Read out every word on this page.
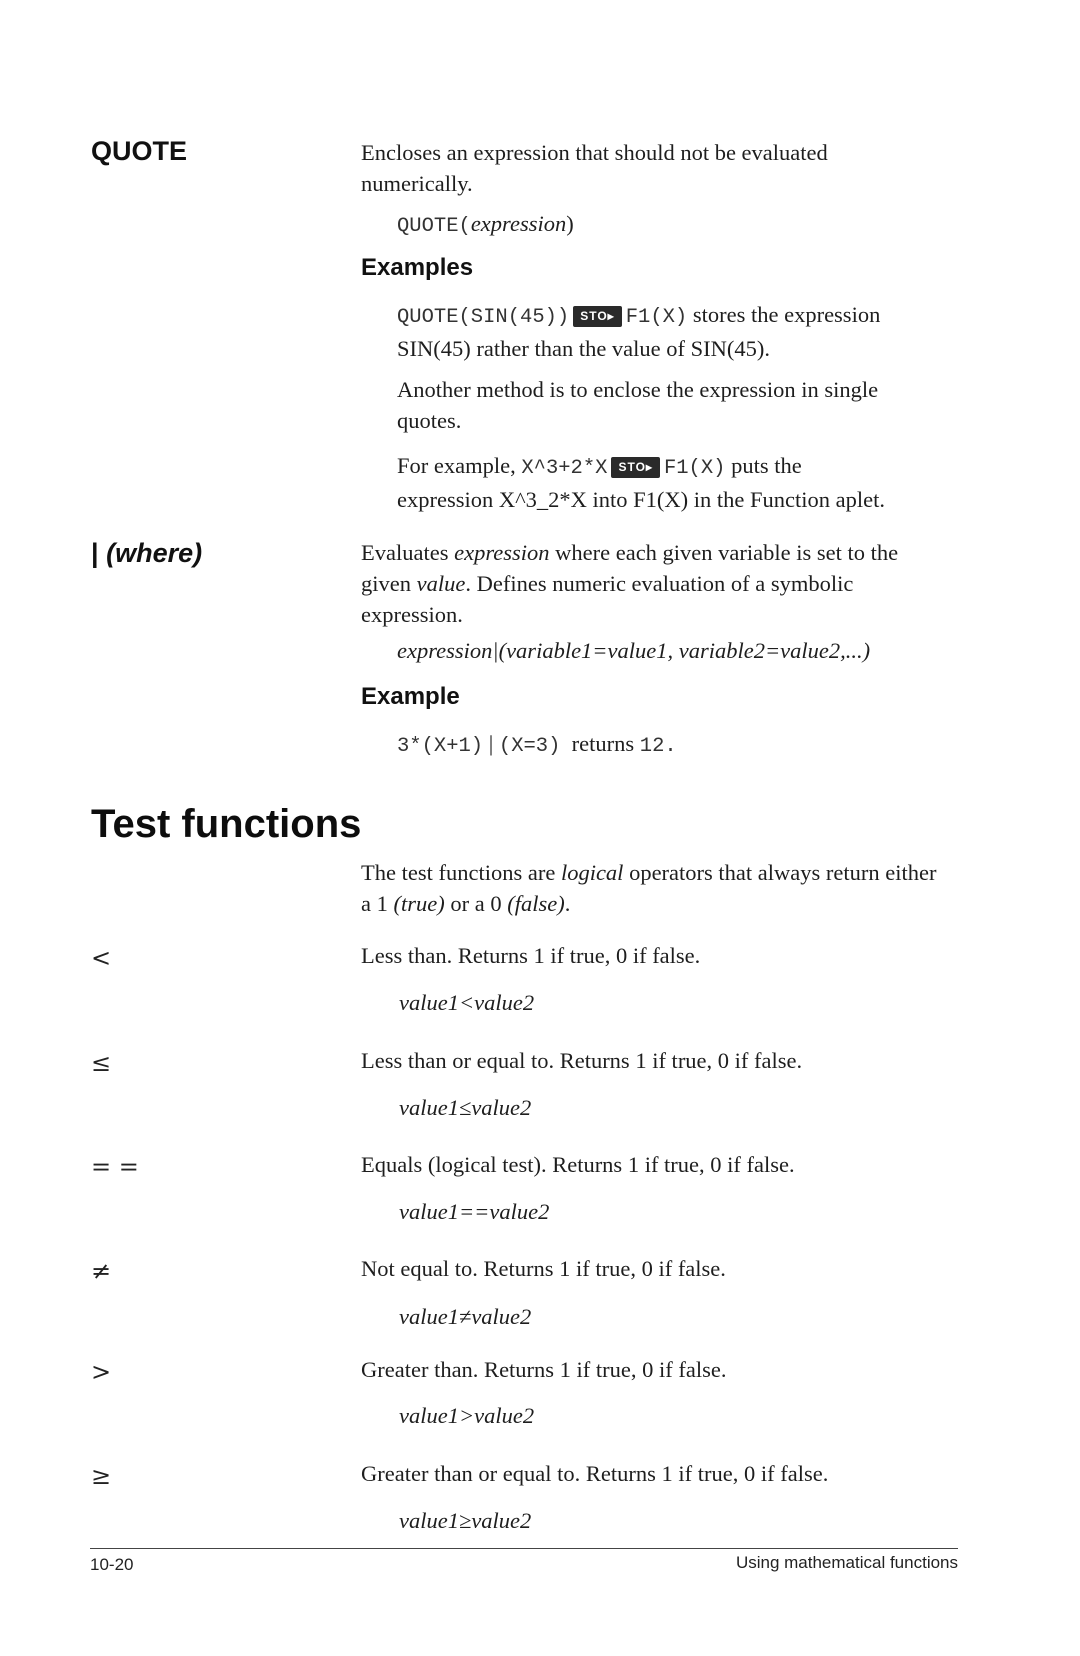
QUOTE	Encloses an expression that should not be evaluated numerically.
QUOTE(expression)
Examples
QUOTE(SIN(45)) STO▸ F1(X) stores the expression
SIN(45) rather than the value of SIN(45).
Another method is to enclose the expression in single quotes.
For example, X^3+2*X STO▸ F1(X) puts the
expression X^3_2*X into F1(X) in the Function aplet.
| (where)	Evaluates expression where each given variable is set to the given value. Defines numeric evaluation of a symbolic expression.
expression|(variable1=value1, variable2=value2,...)
Example
3*(X+1) | (X=3) returns 12.
Test functions
The test functions are logical operators that always return either a 1 (true) or a 0 (false).
<	Less than. Returns 1 if true, 0 if false.
value1<value2
≤	Less than or equal to. Returns 1 if true, 0 if false.
value1≤value2
= =	Equals (logical test). Returns 1 if true, 0 if false.
value1==value2
≠	Not equal to. Returns 1 if true, 0 if false.
value1≠value2
>	Greater than. Returns 1 if true, 0 if false.
value1>value2
≥	Greater than or equal to. Returns 1 if true, 0 if false.
value1≥value2
10-20	Using mathematical functions
